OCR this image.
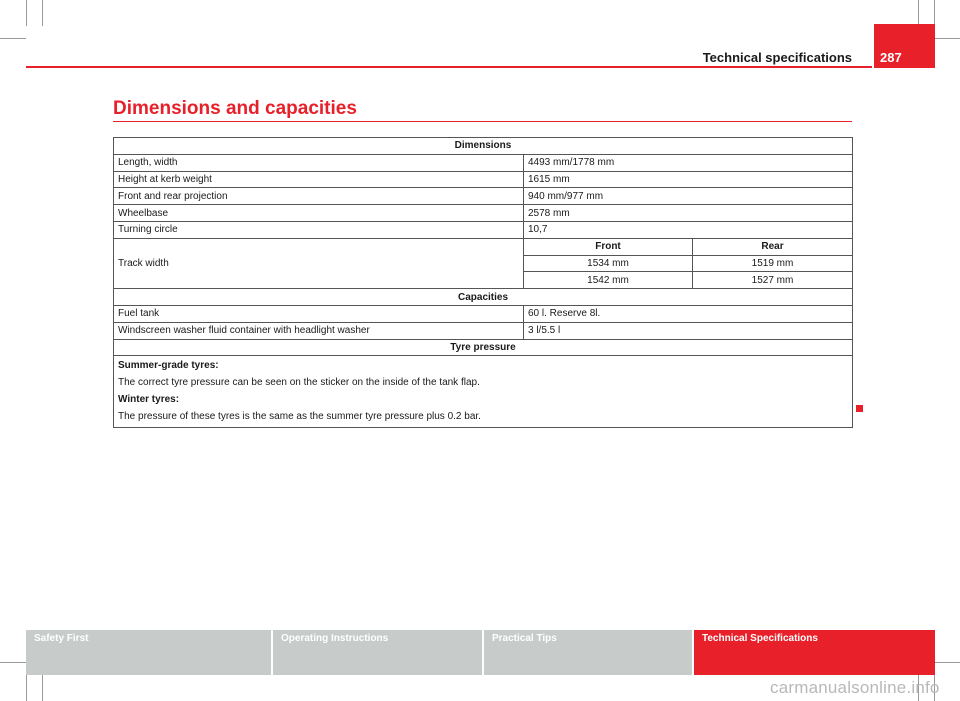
Technical specifications	287
Dimensions and capacities
Dimensions		
Length, width	4493 mm/1778 mm	
Height at kerb weight	1615 mm	
Front and rear projection	940 mm/977 mm	
Wheelbase	2578 mm	
Turning circle	10,7	
Track width	Front	Rear
	1534 mm	1519 mm
	1542 mm	1527 mm
Capacities		
Fuel tank	60 l. Reserve 8l.	
Windscreen washer fluid container with headlight washer	3 l/5.5 l	
Tyre pressure		

Summer-grade tyres:
The correct tyre pressure can be seen on the sticker on the inside of the tank flap.
Winter tyres:
The pressure of these tyres is the same as the summer tyre pressure plus 0.2 bar.		
Safety First	Operating Instructions	Practical Tips	Technical Specifications
carmanualsonline.info
